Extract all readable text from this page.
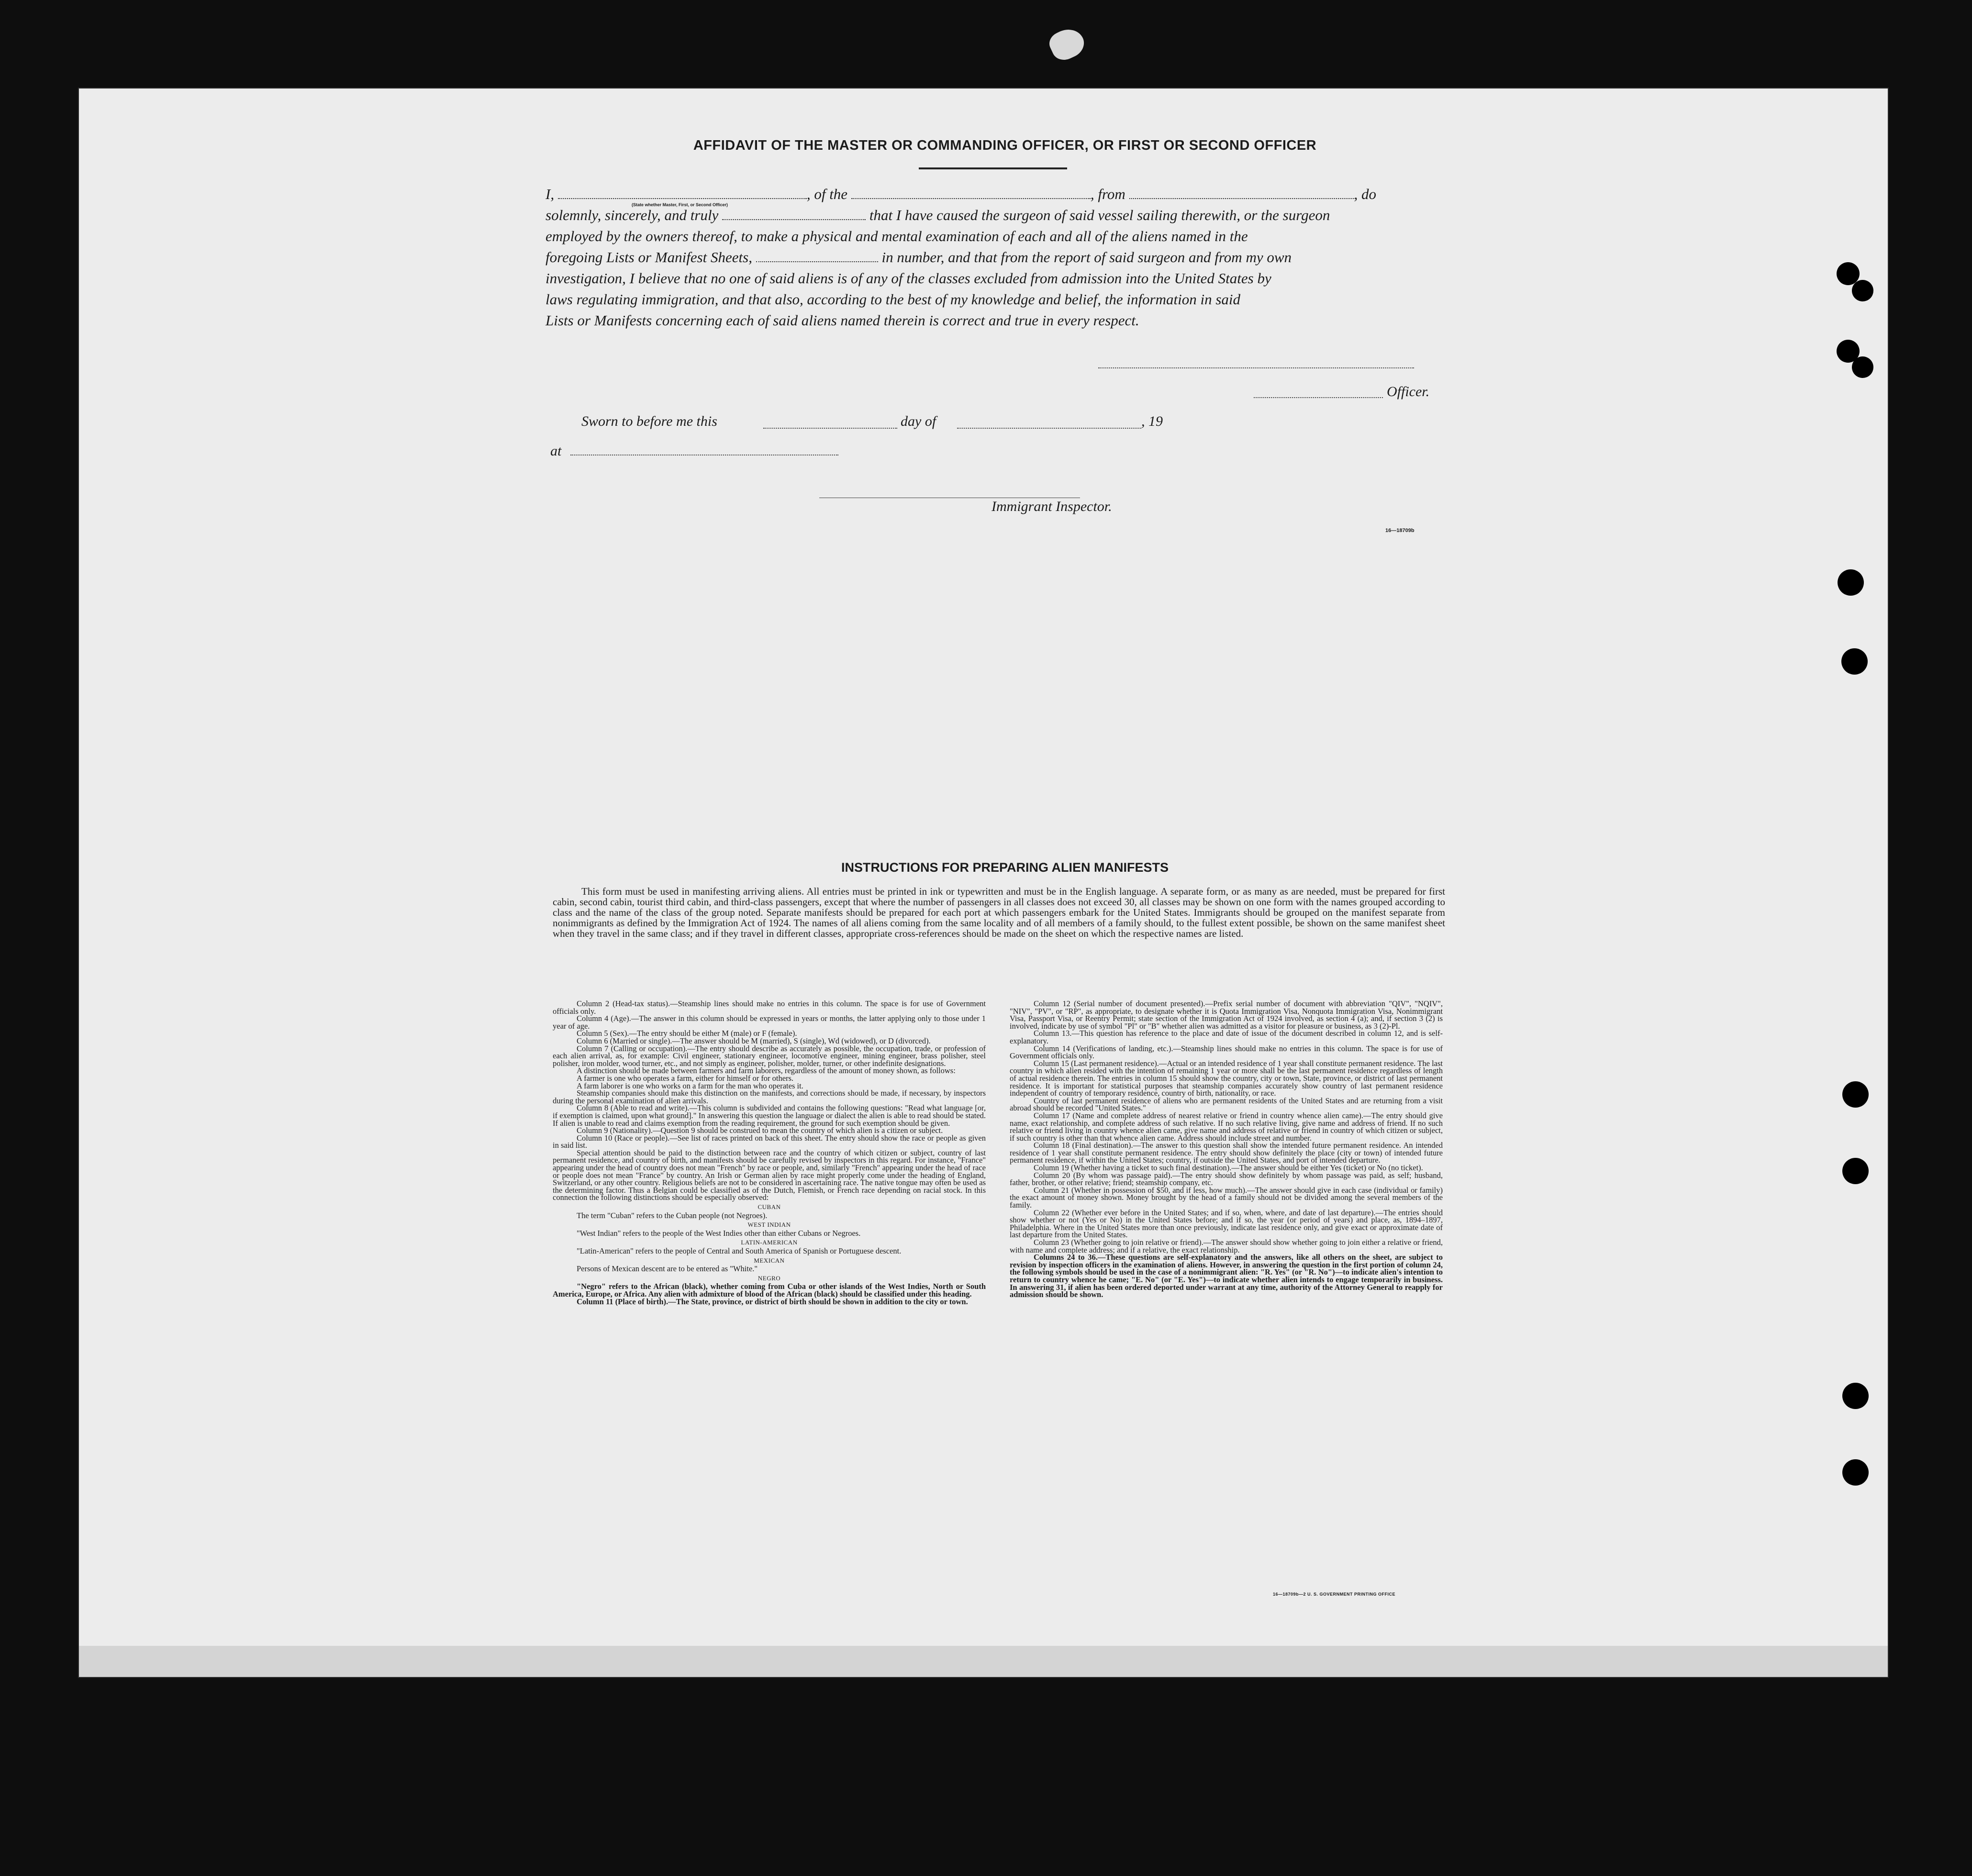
AFFIDAVIT OF THE MASTER OR COMMANDING OFFICER, OR FIRST OR SECOND OFFICER
I,	, of the	, from	, do
(State whether Master, First, or Second Officer)
solemnly, sincerely, and truly	that I have caused the surgeon of said vessel sailing therewith, or the surgeon
employed by the owners thereof, to make a physical and mental examination of each and all of the aliens named in the
foregoing Lists or Manifest Sheets,	in number, and that from the report of said surgeon and from my own
investigation, I believe that no one of said aliens is of any of the classes excluded from admission into the United States by
laws regulating immigration, and that also, according to the best of my knowledge and belief, the information in said
Lists or Manifests concerning each of said aliens named therein is correct and true in every respect.
Officer.
Sworn to before me this	day of	, 19
at
Immigrant Inspector.
16—18709b
INSTRUCTIONS FOR PREPARING ALIEN MANIFESTS
This form must be used in manifesting arriving aliens. All entries must be printed in ink or typewritten and must be in the English language. A separate form, or as many as are needed, must be prepared for first cabin, second cabin, tourist third cabin, and third-class passengers, except that where the number of passengers in all classes does not exceed 30, all classes may be shown on one form with the names grouped according to class and the name of the class of the group noted. Separate manifests should be prepared for each port at which passengers embark for the United States. Immigrants should be grouped on the manifest separate from nonimmigrants as defined by the Immigration Act of 1924. The names of all aliens coming from the same locality and of all members of a family should, to the fullest extent possible, be shown on the same manifest sheet when they travel in the same class; and if they travel in different classes, appropriate cross-references should be made on the sheet on which the respective names are listed.

Column 2 (Head-tax status).—Steamship lines should make no entries in this column. The space is for use of Government officials only.

Column 4 (Age).—The answer in this column should be expressed in years or months, the latter applying only to those under 1 year of age.

Column 5 (Sex).—The entry should be either M (male) or F (female).

Column 6 (Married or single).—The answer should be M (married), S (single), Wd (widowed), or D (divorced).

Column 7 (Calling or occupation).—The entry should describe as accurately as possible, the occupation, trade, or profession of each alien arrival, as, for example: Civil engineer, stationary engineer, locomotive engineer, mining engineer, brass polisher, steel polisher, iron molder, wood turner, etc., and not simply as engineer, polisher, molder, turner, or other indefinite designations.

A distinction should be made between farmers and farm laborers, regardless of the amount of money shown, as follows:

A farmer is one who operates a farm, either for himself or for others.

A farm laborer is one who works on a farm for the man who operates it.

Steamship companies should make this distinction on the manifests, and corrections should be made, if necessary, by inspectors during the personal examination of alien arrivals.

Column 8 (Able to read and write).—This column is subdivided and contains the following questions: "Read what language [or, if exemption is claimed, upon what ground]." In answering this question the language or dialect the alien is able to read should be stated. If alien is unable to read and claims exemption from the reading requirement, the ground for such exemption should be given.

Column 9 (Nationality).—Question 9 should be construed to mean the country of which alien is a citizen or subject.

Column 10 (Race or people).—See list of races printed on back of this sheet. The entry should show the race or people as given in said list.

Special attention should be paid to the distinction between race and the country of which citizen or subject, country of last permanent residence, and country of birth, and manifests should be carefully revised by inspectors in this regard. For instance, "France" appearing under the head of country does not mean "French" by race or people, and, similarly "French" appearing under the head of race or people does not mean "France" by country. An Irish or German alien by race might properly come under the heading of England, Switzerland, or any other country. Religious beliefs are not to be considered in ascertaining race. The native tongue may often be used as the determining factor. Thus a Belgian could be classified as of the Dutch, Flemish, or French race depending on racial stock. In this connection the following distinctions should be especially observed:

CUBAN

The term "Cuban" refers to the Cuban people (not Negroes).

WEST INDIAN

"West Indian" refers to the people of the West Indies other than either Cubans or Negroes.

LATIN-AMERICAN

"Latin-American" refers to the people of Central and South America of Spanish or Portuguese descent.

MEXICAN

Persons of Mexican descent are to be entered as "White."

NEGRO

"Negro" refers to the African (black), whether coming from Cuba or other islands of the West Indies, North or South America, Europe, or Africa. Any alien with admixture of blood of the African (black) should be classified under this heading.

Column 11 (Place of birth).—The State, province, or district of birth should be shown in addition to the city or town.

Column 12 (Serial number of document presented).—Prefix serial number of document with abbreviation "QIV", "NQIV", "NIV", "PV", or "RP", as appropriate, to designate whether it is Quota Immigration Visa, Nonquota Immigration Visa, Nonimmigrant Visa, Passport Visa, or Reentry Permit; state section of the Immigration Act of 1924 involved, as section 4 (a); and, if section 3 (2) is involved, indicate by use of symbol "Pl" or "B" whether alien was admitted as a visitor for pleasure or business, as 3 (2)-Pl.

Column 13.—This question has reference to the place and date of issue of the document described in column 12, and is self-explanatory.

Column 14 (Verifications of landing, etc.).—Steamship lines should make no entries in this column. The space is for use of Government officials only.

Column 15 (Last permanent residence).—Actual or an intended residence of 1 year shall constitute permanent residence. The last country in which alien resided with the intention of remaining 1 year or more shall be the last permanent residence regardless of length of actual residence therein. The entries in column 15 should show the country, city or town, State, province, or district of last permanent residence. It is important for statistical purposes that steamship companies accurately show country of last permanent residence independent of country of temporary residence, country of birth, nationality, or race.

Country of last permanent residence of aliens who are permanent residents of the United States and are returning from a visit abroad should be recorded "United States."

Column 17 (Name and complete address of nearest relative or friend in country whence alien came).—The entry should give name, exact relationship, and complete address of such relative. If no such relative living, give name and address of friend. If no such relative or friend living in country whence alien came, give name and address of relative or friend in country of which citizen or subject, if such country is other than that whence alien came. Address should include street and number.

Column 18 (Final destination).—The answer to this question shall show the intended future permanent residence. An intended residence of 1 year shall constitute permanent residence. The entry should show definitely the place (city or town) of intended future permanent residence, if within the United States; country, if outside the United States, and port of intended departure.

Column 19 (Whether having a ticket to such final destination).—The answer should be either Yes (ticket) or No (no ticket).

Column 20 (By whom was passage paid).—The entry should show definitely by whom passage was paid, as self; husband, father, brother, or other relative; friend; steamship company, etc.

Column 21 (Whether in possession of $50, and if less, how much).—The answer should give in each case (individual or family) the exact amount of money shown. Money brought by the head of a family should not be divided among the several members of the family.

Column 22 (Whether ever before in the United States; and if so, when, where, and date of last departure).—The entries should show whether or not (Yes or No) in the United States before; and if so, the year (or period of years) and place, as, 1894–1897, Philadelphia. Where in the United States more than once previously, indicate last residence only, and give exact or approximate date of last departure from the United States.

Column 23 (Whether going to join relative or friend).—The answer should show whether going to join either a relative or friend, with name and complete address; and if a relative, the exact relationship.

Columns 24 to 36.—These questions are self-explanatory and the answers, like all others on the sheet, are subject to revision by inspection officers in the examination of aliens. However, in answering the question in the first portion of column 24, the following symbols should be used in the case of a nonimmigrant alien: "R. Yes" (or "R. No")—to indicate alien's intention to return to country whence he came; "E. No" (or "E. Yes")—to indicate whether alien intends to engage temporarily in business. In answering 31, if alien has been ordered deported under warrant at any time, authority of the Attorney General to reapply for admission should be shown.

16—18709b—2 U. S. GOVERNMENT PRINTING OFFICE
